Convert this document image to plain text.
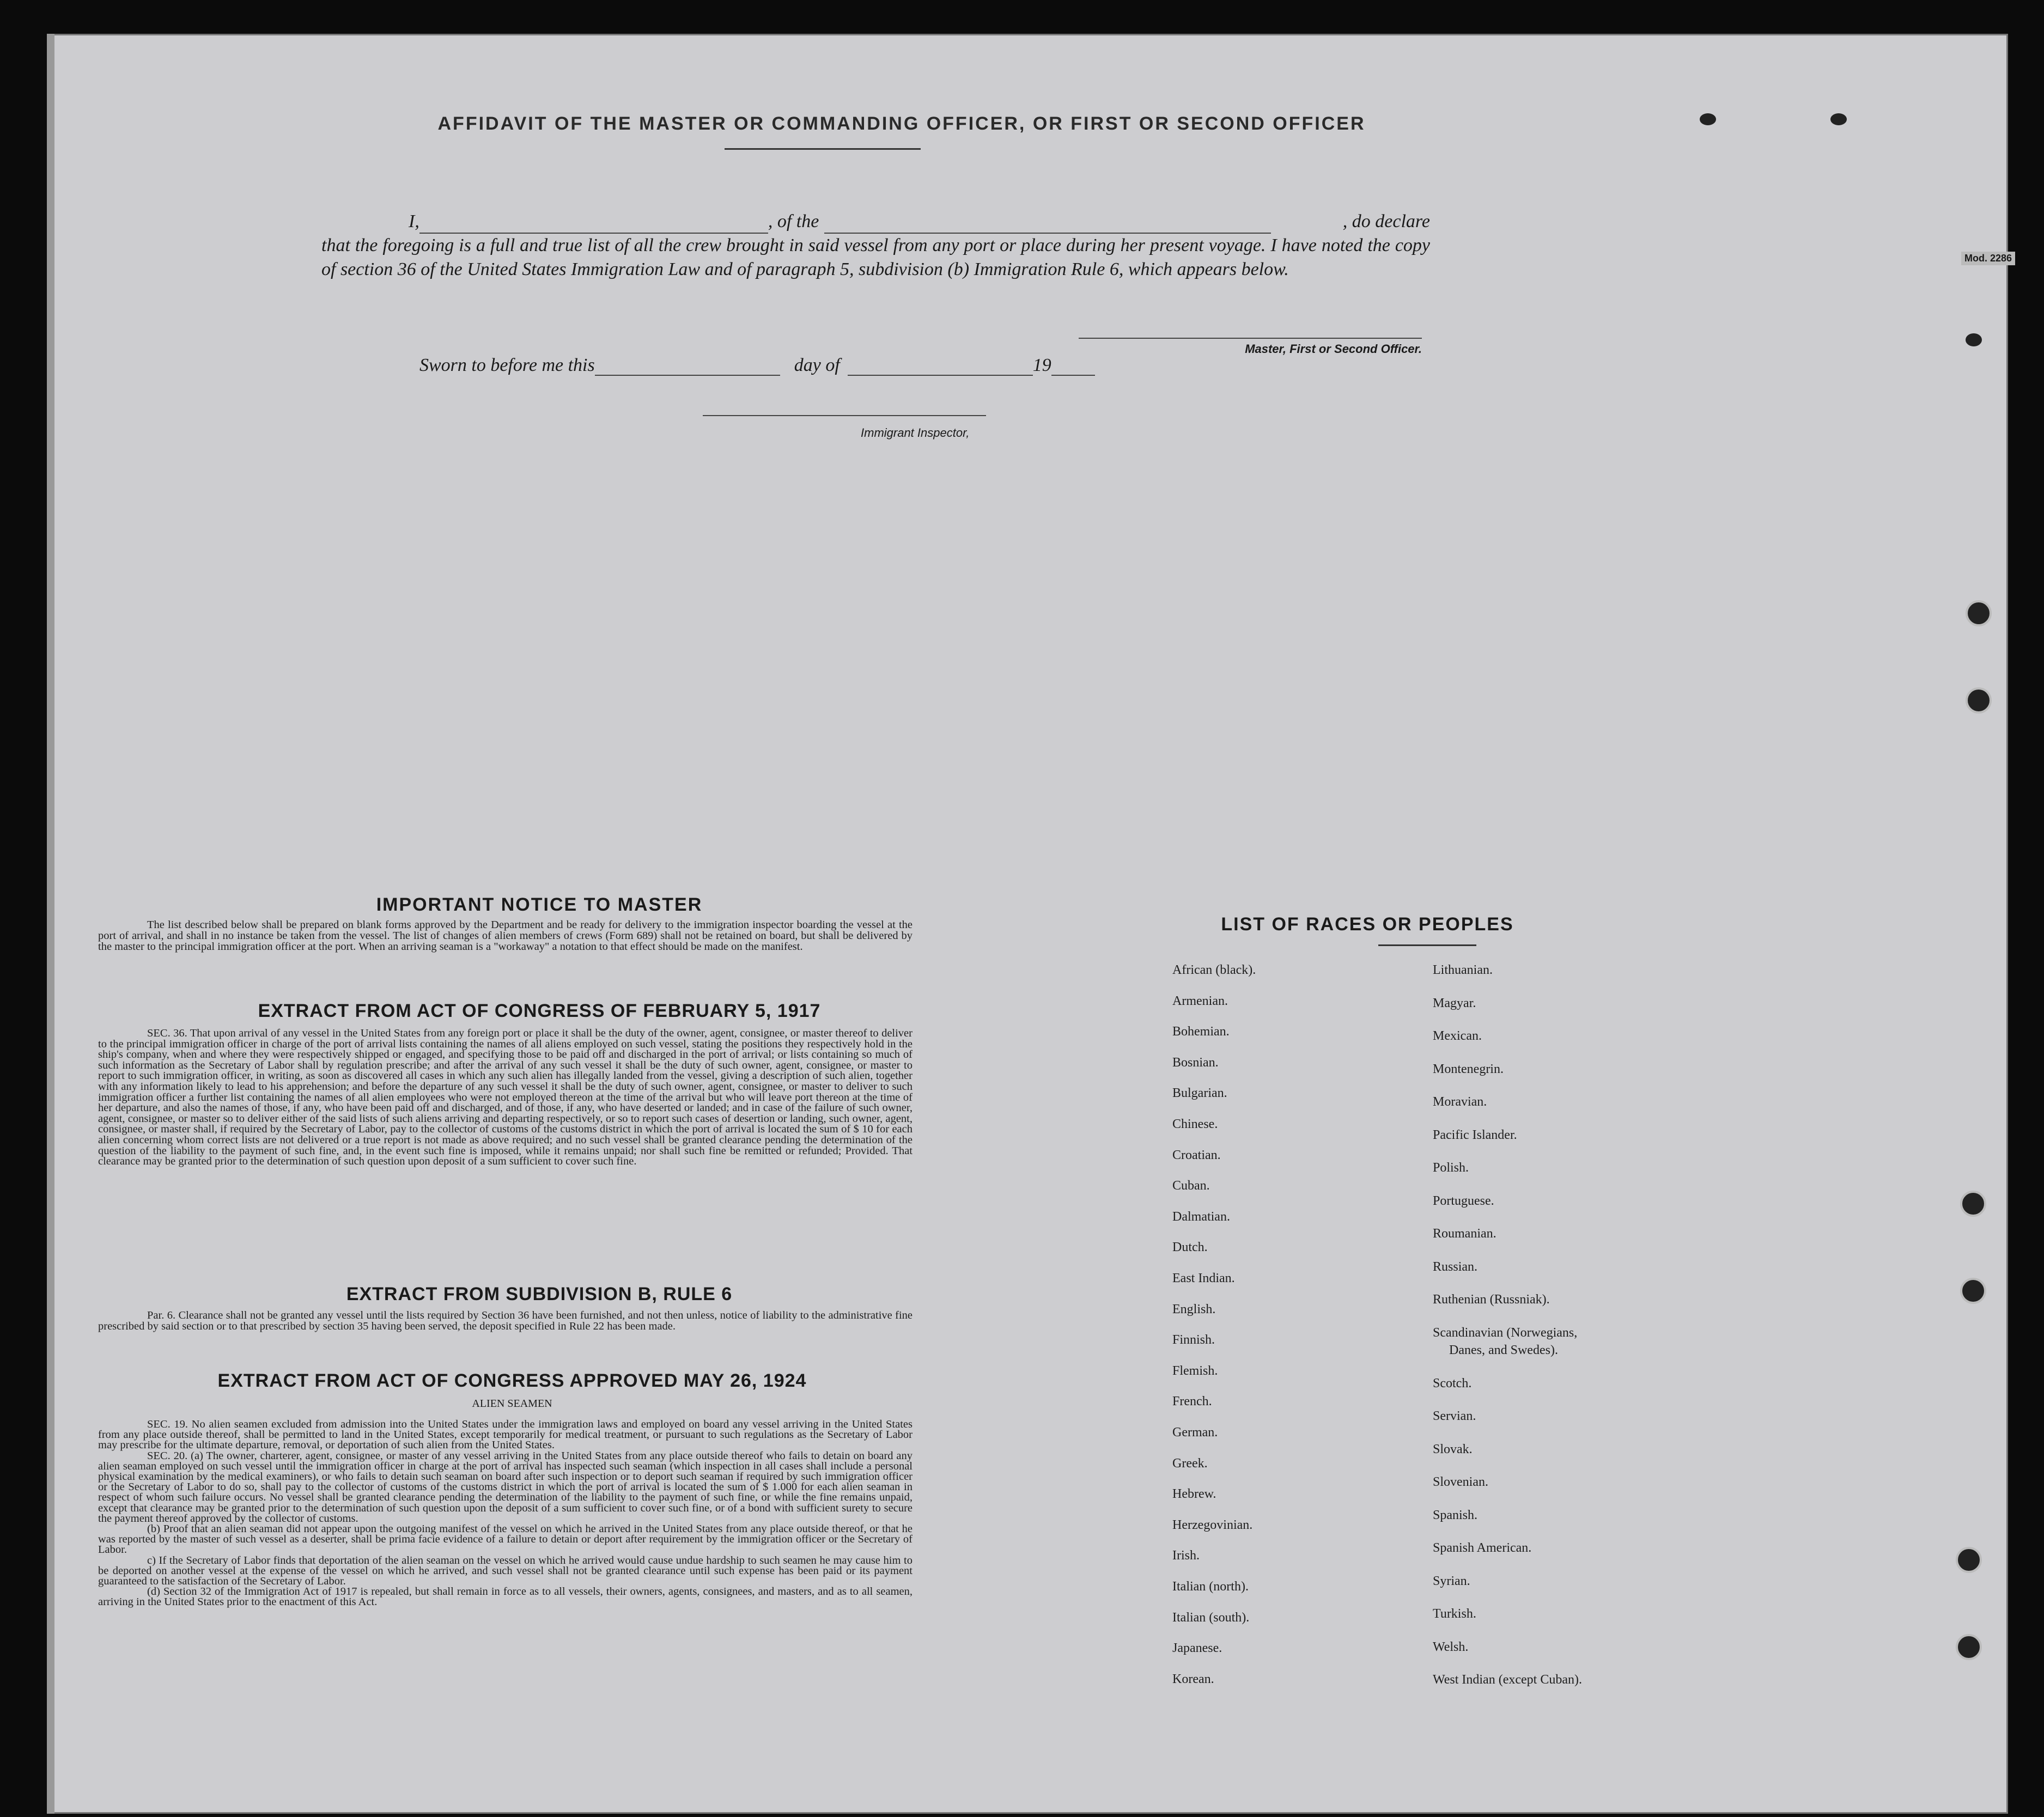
AFFIDAVIT OF THE MASTER OR COMMANDING OFFICER, OR FIRST OR SECOND OFFICER
I,	, of the	, do declare
that the foregoing is a full and true list of all the crew brought in said vessel from any port or place during her present voyage. I have noted the copy of section 36 of the United States Immigration Law and of paragraph 5, subdivision (b) Immigration Rule 6, which appears below.
Master, First or Second Officer.
Sworn to before me this	day of	19
Immigrant Inspector,
IMPORTANT NOTICE TO MASTER
The list described below shall be prepared on blank forms approved by the Department and be ready for delivery to the immigration inspector boarding the vessel at the port of arrival, and shall in no instance be taken from the vessel. The list of changes of alien members of crews (Form 689) shall not be retained on board, but shall be delivered by the master to the principal immigration officer at the port. When an arriving seaman is a "workaway" a notation to that effect should be made on the manifest.
EXTRACT FROM ACT OF CONGRESS OF FEBRUARY 5, 1917
SEC. 36. That upon arrival of any vessel in the United States from any foreign port or place it shall be the duty of the owner, agent, consignee, or master thereof to deliver to the principal immigration officer in charge of the port of arrival lists containing the names of all aliens employed on such vessel, stating the positions they respectively hold in the ship's company, when and where they were respectively shipped or engaged, and specifying those to be paid off and discharged in the port of arrival; or lists containing so much of such information as the Secretary of Labor shall by regulation prescribe; and after the arrival of any such vessel it shall be the duty of such owner, agent, consignee, or master to report to such immigration officer, in writing, as soon as discovered all cases in which any such alien has illegally landed from the vessel, giving a description of such alien, together with any information likely to lead to his apprehension; and before the departure of any such vessel it shall be the duty of such owner, agent, consignee, or master to deliver to such immigration officer a further list containing the names of all alien employees who were not employed thereon at the time of the arrival but who will leave port thereon at the time of her departure, and also the names of those, if any, who have been paid off and discharged, and of those, if any, who have deserted or landed; and in case of the failure of such owner, agent, consignee, or master so to deliver either of the said lists of such aliens arriving and departing respectively, or so to report such cases of desertion or landing, such owner, agent, consignee, or master shall, if required by the Secretary of Labor, pay to the collector of customs of the customs district in which the port of arrival is located the sum of $ 10 for each alien concerning whom correct lists are not delivered or a true report is not made as above required; and no such vessel shall be granted clearance pending the determination of the question of the liability to the payment of such fine, and, in the event such fine is imposed, while it remains unpaid; nor shall such fine be remitted or refunded; Provided. That clearance may be granted prior to the determination of such question upon deposit of a sum sufficient to cover such fine.
EXTRACT FROM SUBDIVISION B, RULE 6
Par. 6. Clearance shall not be granted any vessel until the lists required by Section 36 have been furnished, and not then unless, notice of liability to the administrative fine prescribed by said section or to that prescribed by section 35 having been served, the deposit specified in Rule 22 has been made.
EXTRACT FROM ACT OF CONGRESS APPROVED MAY 26, 1924
ALIEN SEAMEN
SEC. 19. No alien seamen excluded from admission into the United States under the immigration laws and employed on board any vessel arriving in the United States from any place outside thereof, shall be permitted to land in the United States, except temporarily for medical treatment, or pursuant to such regulations as the Secretary of Labor may prescribe for the ultimate departure, removal, or deportation of such alien from the United States.
SEC. 20. (a) The owner, charterer, agent, consignee, or master of any vessel arriving in the United States from any place outside thereof who fails to detain on board any alien seaman employed on such vessel until the immigration officer in charge at the port of arrival has inspected such seaman (which inspection in all cases shall include a personal physical examination by the medical examiners), or who fails to detain such seaman on board after such inspection or to deport such seaman if required by such immigration officer or the Secretary of Labor to do so, shall pay to the collector of customs of the customs district in which the port of arrival is located the sum of $ 1.000 for each alien seaman in respect of whom such failure occurs. No vessel shall be granted clearance pending the determination of the liability to the payment of such fine, or while the fine remains unpaid, except that clearance may be granted prior to the determination of such question upon the deposit of a sum sufficient to cover such fine, or of a bond with sufficient surety to secure the payment thereof approved by the collector of customs.
(b) Proof that an alien seaman did not appear upon the outgoing manifest of the vessel on which he arrived in the United States from any place outside thereof, or that he was reported by the master of such vessel as a deserter, shall be prima facie evidence of a failure to detain or deport after requirement by the immigration officer or the Secretary of Labor.
c) If the Secretary of Labor finds that deportation of the alien seaman on the vessel on which he arrived would cause undue hardship to such seamen he may cause him to be deported on another vessel at the expense of the vessel on which he arrived, and such vessel shall not be granted clearance until such expense has been paid or its payment guaranteed to the satisfaction of the Secretary of Labor.
(d) Section 32 of the Immigration Act of 1917 is repealed, but shall remain in force as to all vessels, their owners, agents, consignees, and masters, and as to all seamen, arriving in the United States prior to the enactment of this Act.
LIST OF RACES OR PEOPLES
African (black).
Armenian.
Bohemian.
Bosnian.
Bulgarian.
Chinese.
Croatian.
Cuban.
Dalmatian.
Dutch.
East Indian.
English.
Finnish.
Flemish.
French.
German.
Greek.
Hebrew.
Herzegovinian.
Irish.
Italian (north).
Italian (south).
Japanese.
Korean.
Lithuanian.
Magyar.
Mexican.
Montenegrin.
Moravian.
Pacific Islander.
Polish.
Portuguese.
Roumanian.
Russian.
Ruthenian (Russniak).
Scandinavian (Norwegians,
Danes, and Swedes).
Scotch.
Servian.
Slovak.
Slovenian.
Spanish.
Spanish American.
Syrian.
Turkish.
Welsh.
West Indian (except Cuban).
Mod. 2286
